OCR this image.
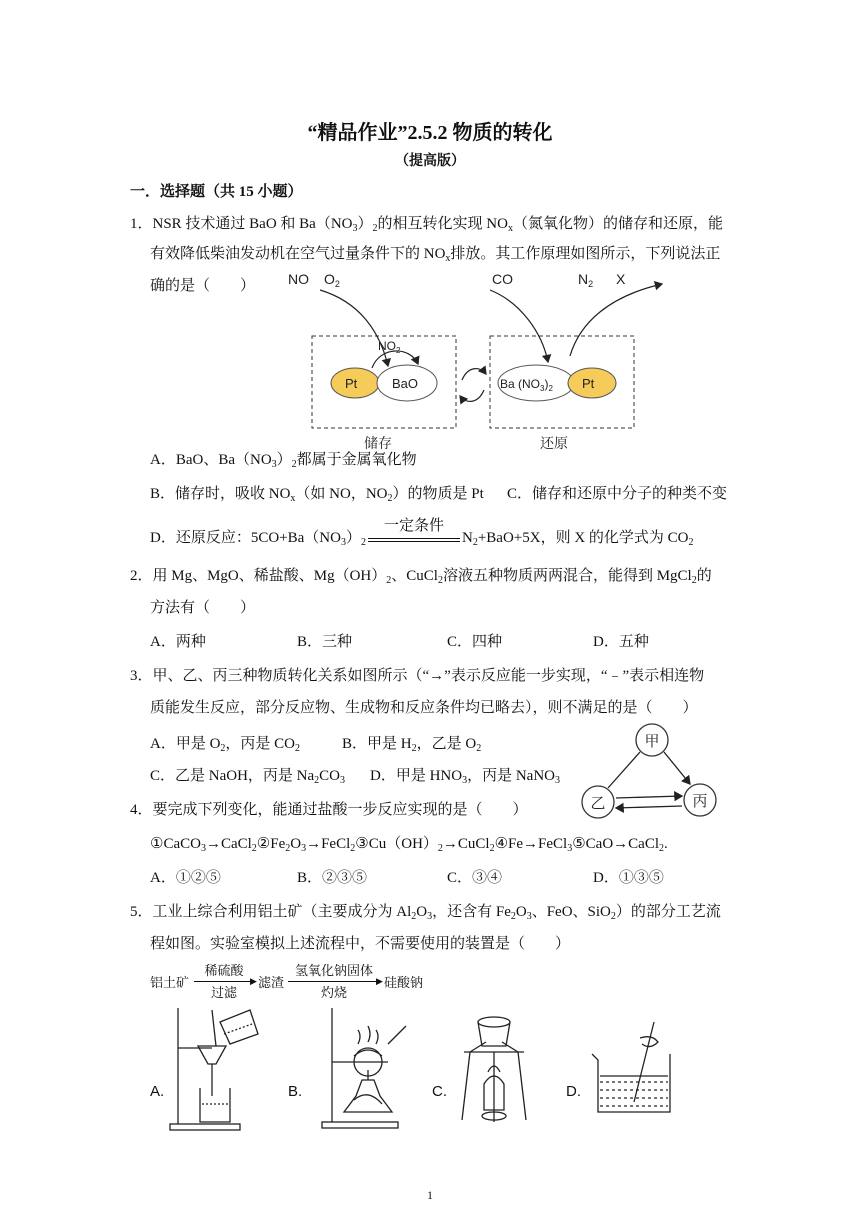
“精品作业”2.5.2 物质的转化
（提高版）
一．选择题（共 15 小题）
1．NSR 技术通过 BaO 和 $Ba(NO_3)_2$的相互转化实现 $NO_x$（氮氧化物）的储存和还原，能
有效降低柴油发动机在空气过量条件下的 $NO_x$排放。其工作原理如图所示，下列说法正
确的是（　　） NO $O_2$	CO	$N_2$ X
$NO_2$
Pt	BaO	Ba $(NO_3)_2$ Pt
储存	还原
A．BaO、$Ba(NO_3)_2$都属于金属氧化物
B．储存时，吸收 $NO_x$（如 NO，$NO_2$）的物质是 Pt C．储存和还原中分子的种类不变
D．还原反应：$5CO+Ba(NO_3)_2$
一定条件
$N_2+BaO+5X$，则 X 的化学式为 $CO_2$
2．用 Mg、MgO、稀盐酸、$Mg(OH)_2$、CuCl$_2$溶液五种物质两两混合，能得到 MgCl$_2$的
方法有（　　）
A．两种	B．三种	C．四种	D．五种
3．甲、乙、丙三种物质转化关系如图所示（“→”表示反应能一步实现，“﹣”表示相连物
质能发生反应，部分反应物、生成物和反应条件均已略去），则不满足的是（　　）
A．甲是 $O_2$，丙是 $CO_2$	B．甲是 $H_2$，乙是 $O_2$
C．乙是 NaOH，丙是 $Na_2CO_3$ D．甲是 $HNO_3$，丙是 NaNO$_3$
甲
乙	丙
4．要完成下列变化，能通过盐酸一步反应实现的是（　　）
$①CaCO_3\to CaCl_2②Fe_2O_3\to FeCl_2③Cu(OH)_2\to CuCl_2④Fe\to FeCl_3⑤CaO\to CaCl_2$.
A．①②⑤	B．②③⑤	C．③④	D．①③⑤
5．工业上综合利用铝土矿（主要成分为 $Al_2O_3$，还含有 $Fe_2O_3$、FeO、SiO$_2$）的部分工艺流
程如图。实验室模拟上述流程中，不需要使用的装置是（　　）
铝土矿
稀硫酸
▶
过滤
滤渣
氢氧化钠固体
▶
灼烧
硅酸钠
A.	B.	C.	D.
1
